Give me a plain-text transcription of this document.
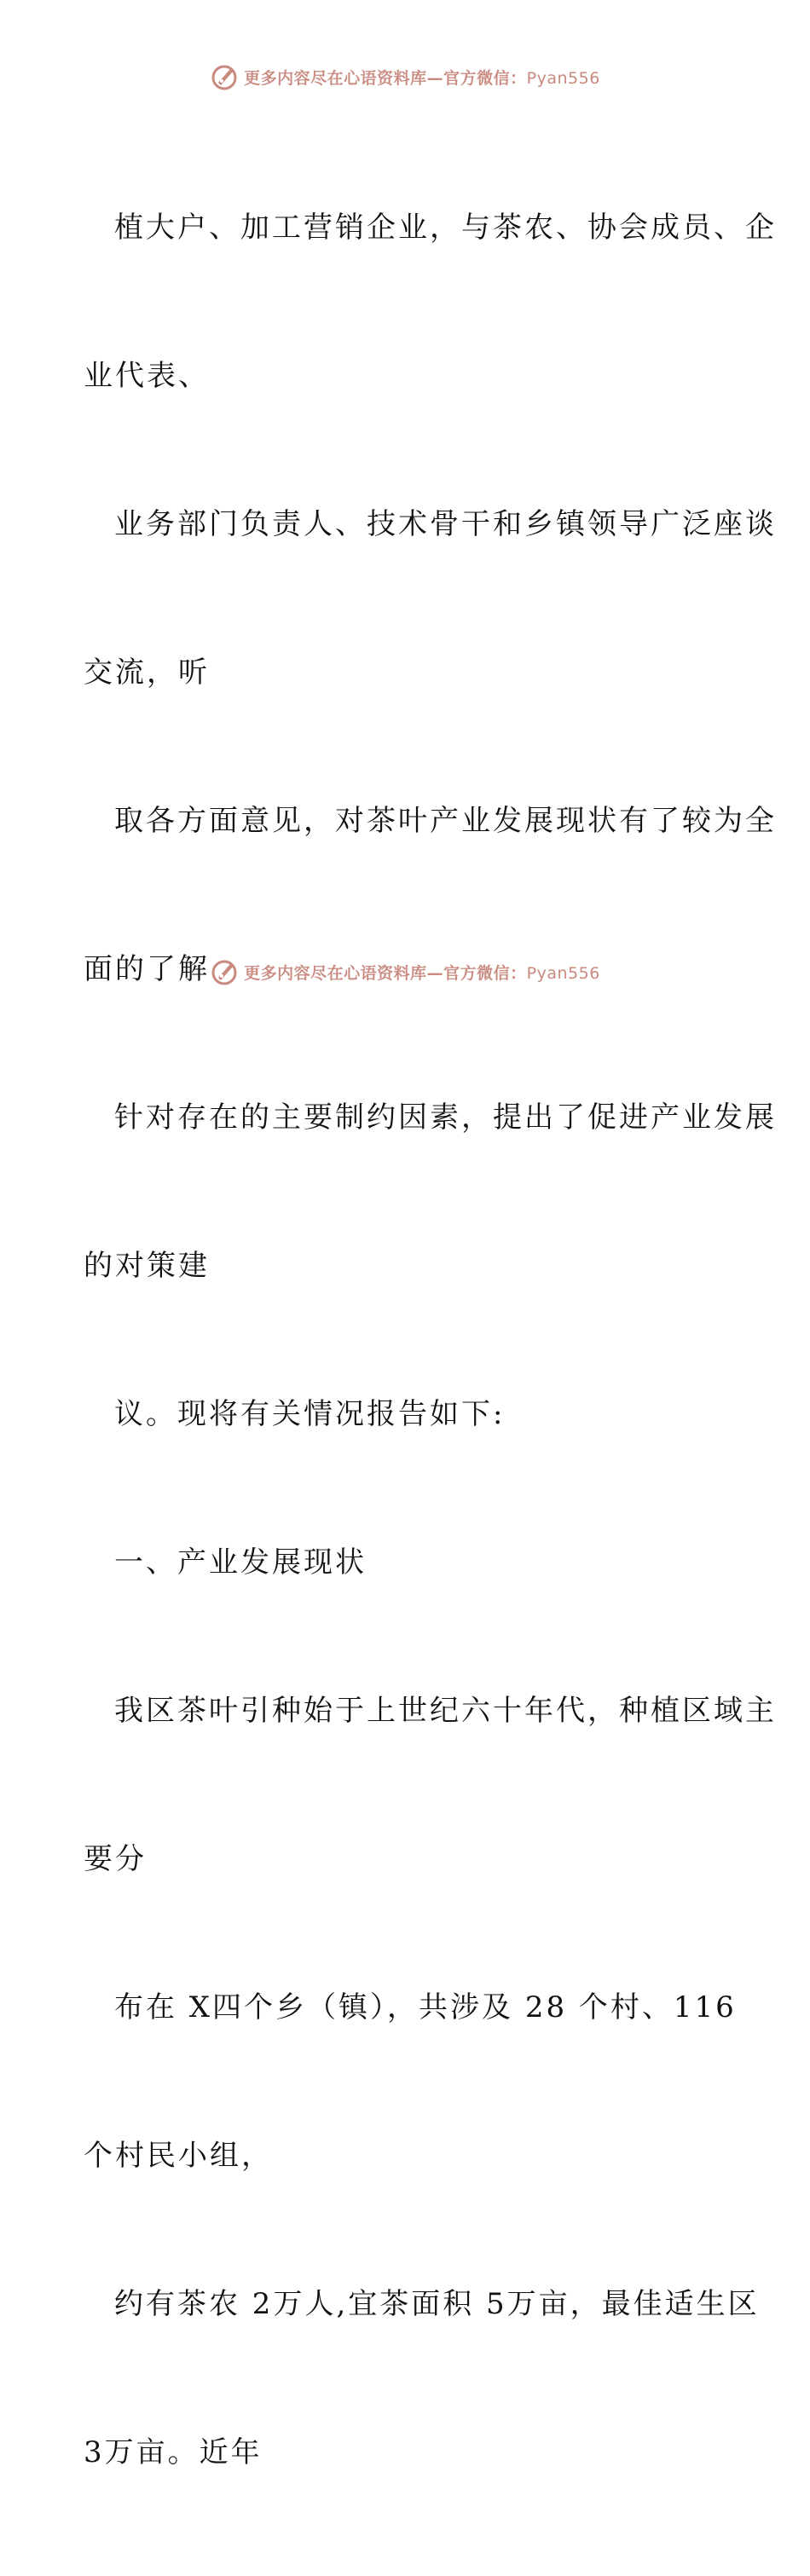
更多内容尽在心语资料库—官方微信：Pyan556

植大户、加工营销企业，与茶农、协会成员、企

业代表、

业务部门负责人、技术骨干和乡镇领导广泛座谈

交流，听

取各方面意见，对茶叶产业发展现状有了较为全

面的了解

针对存在的主要制约因素，提出了促进产业发展

的对策建

议。现将有关情况报告如下:

一、产业发展现状

我区茶叶引种始于上世纪六十年代，种植区域主

要分

布在 X四个乡（镇），共涉及 28 个村、116

个村民小组，

约有茶农 2万人,宜茶面积 5万亩，最佳适生区

3万亩。近年

更多内容尽在心语资料库—官方微信：Pyan556
